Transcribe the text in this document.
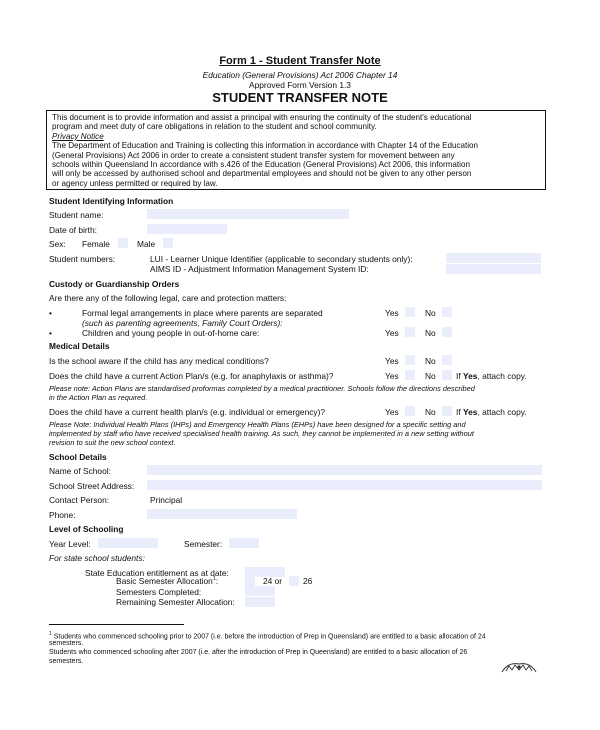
Form 1 - Student Transfer Note
Education (General Provisions) Act 2006 Chapter 14
Approved Form Version 1.3
STUDENT TRANSFER NOTE
This document is to provide information and assist a principal with ensuring the continuity of the student's educational
program and meet duty of care obligations in relation to the student and school community.
Privacy Notice
The Department of Education and Training is collecting this information in accordance with Chapter 14 of the Education
(General Provisions) Act 2006 in order to create a consistent student transfer system for movement between any
schools within Queensland In accordance with s.426 of the Education (General Provisions) Act 2006, this information
will only be accessed by authorised school and departmental employees and should not be given to any other person
or agency unless permitted or required by law.
Student Identifying Information
Student name:
Date of birth:
Sex: Female	Male
Student numbers:	LUI - Learner Unique Identifier (applicable to secondary students only):
AIMS ID - Adjustment Information Management System ID:
Custody or Guardianship Orders
Are there any of the following legal, care and protection matters:
•	Formal legal arrangements in place where parents are separated
(such as parenting agreements, Family Court Orders):
Yes	No
•	Children and young people in out-of-home care:	Yes	No
Medical Details
Is the school aware if the child has any medical conditions?	Yes	No
Does the child have a current Action Plan/s (e.g. for anaphylaxis or asthma)?	Yes	No If Yes, attach copy.
Please note: Action Plans are standardised proformas completed by a medical practitioner. Schools follow the directions described
in the Action Plan as required.
Does the child have a current health plan/s (e.g. individual or emergency)?	Yes	No If Yes, attach copy.
Please Note: Individual Health Plans (IHPs) and Emergency Health Plans (EHPs) have been designed for a specific setting and
implemented by staff who have received specialised health training. As such, they cannot be implemented in a new setting without
revision to suit the new school context.
School Details
Name of School:
School Street Address:
Contact Person:	Principal
Phone:
Level of Schooling
Year Level:	Semester:
For state school students:
State Education entitlement as at date:
Basic Semester Allocation$^1$:	24 or 26
Semesters Completed:
Remaining Semester Allocation:
$^1$ Students who commenced schooling prior to 2007 (i.e. before the introduction of Prep in Queensland) are entitled to a basic allocation of 24
semesters.
Students who commenced schooling after 2007 (i.e. after the introduction of Prep in Queensland) are entitled to a basic allocation of 26
semesters.
